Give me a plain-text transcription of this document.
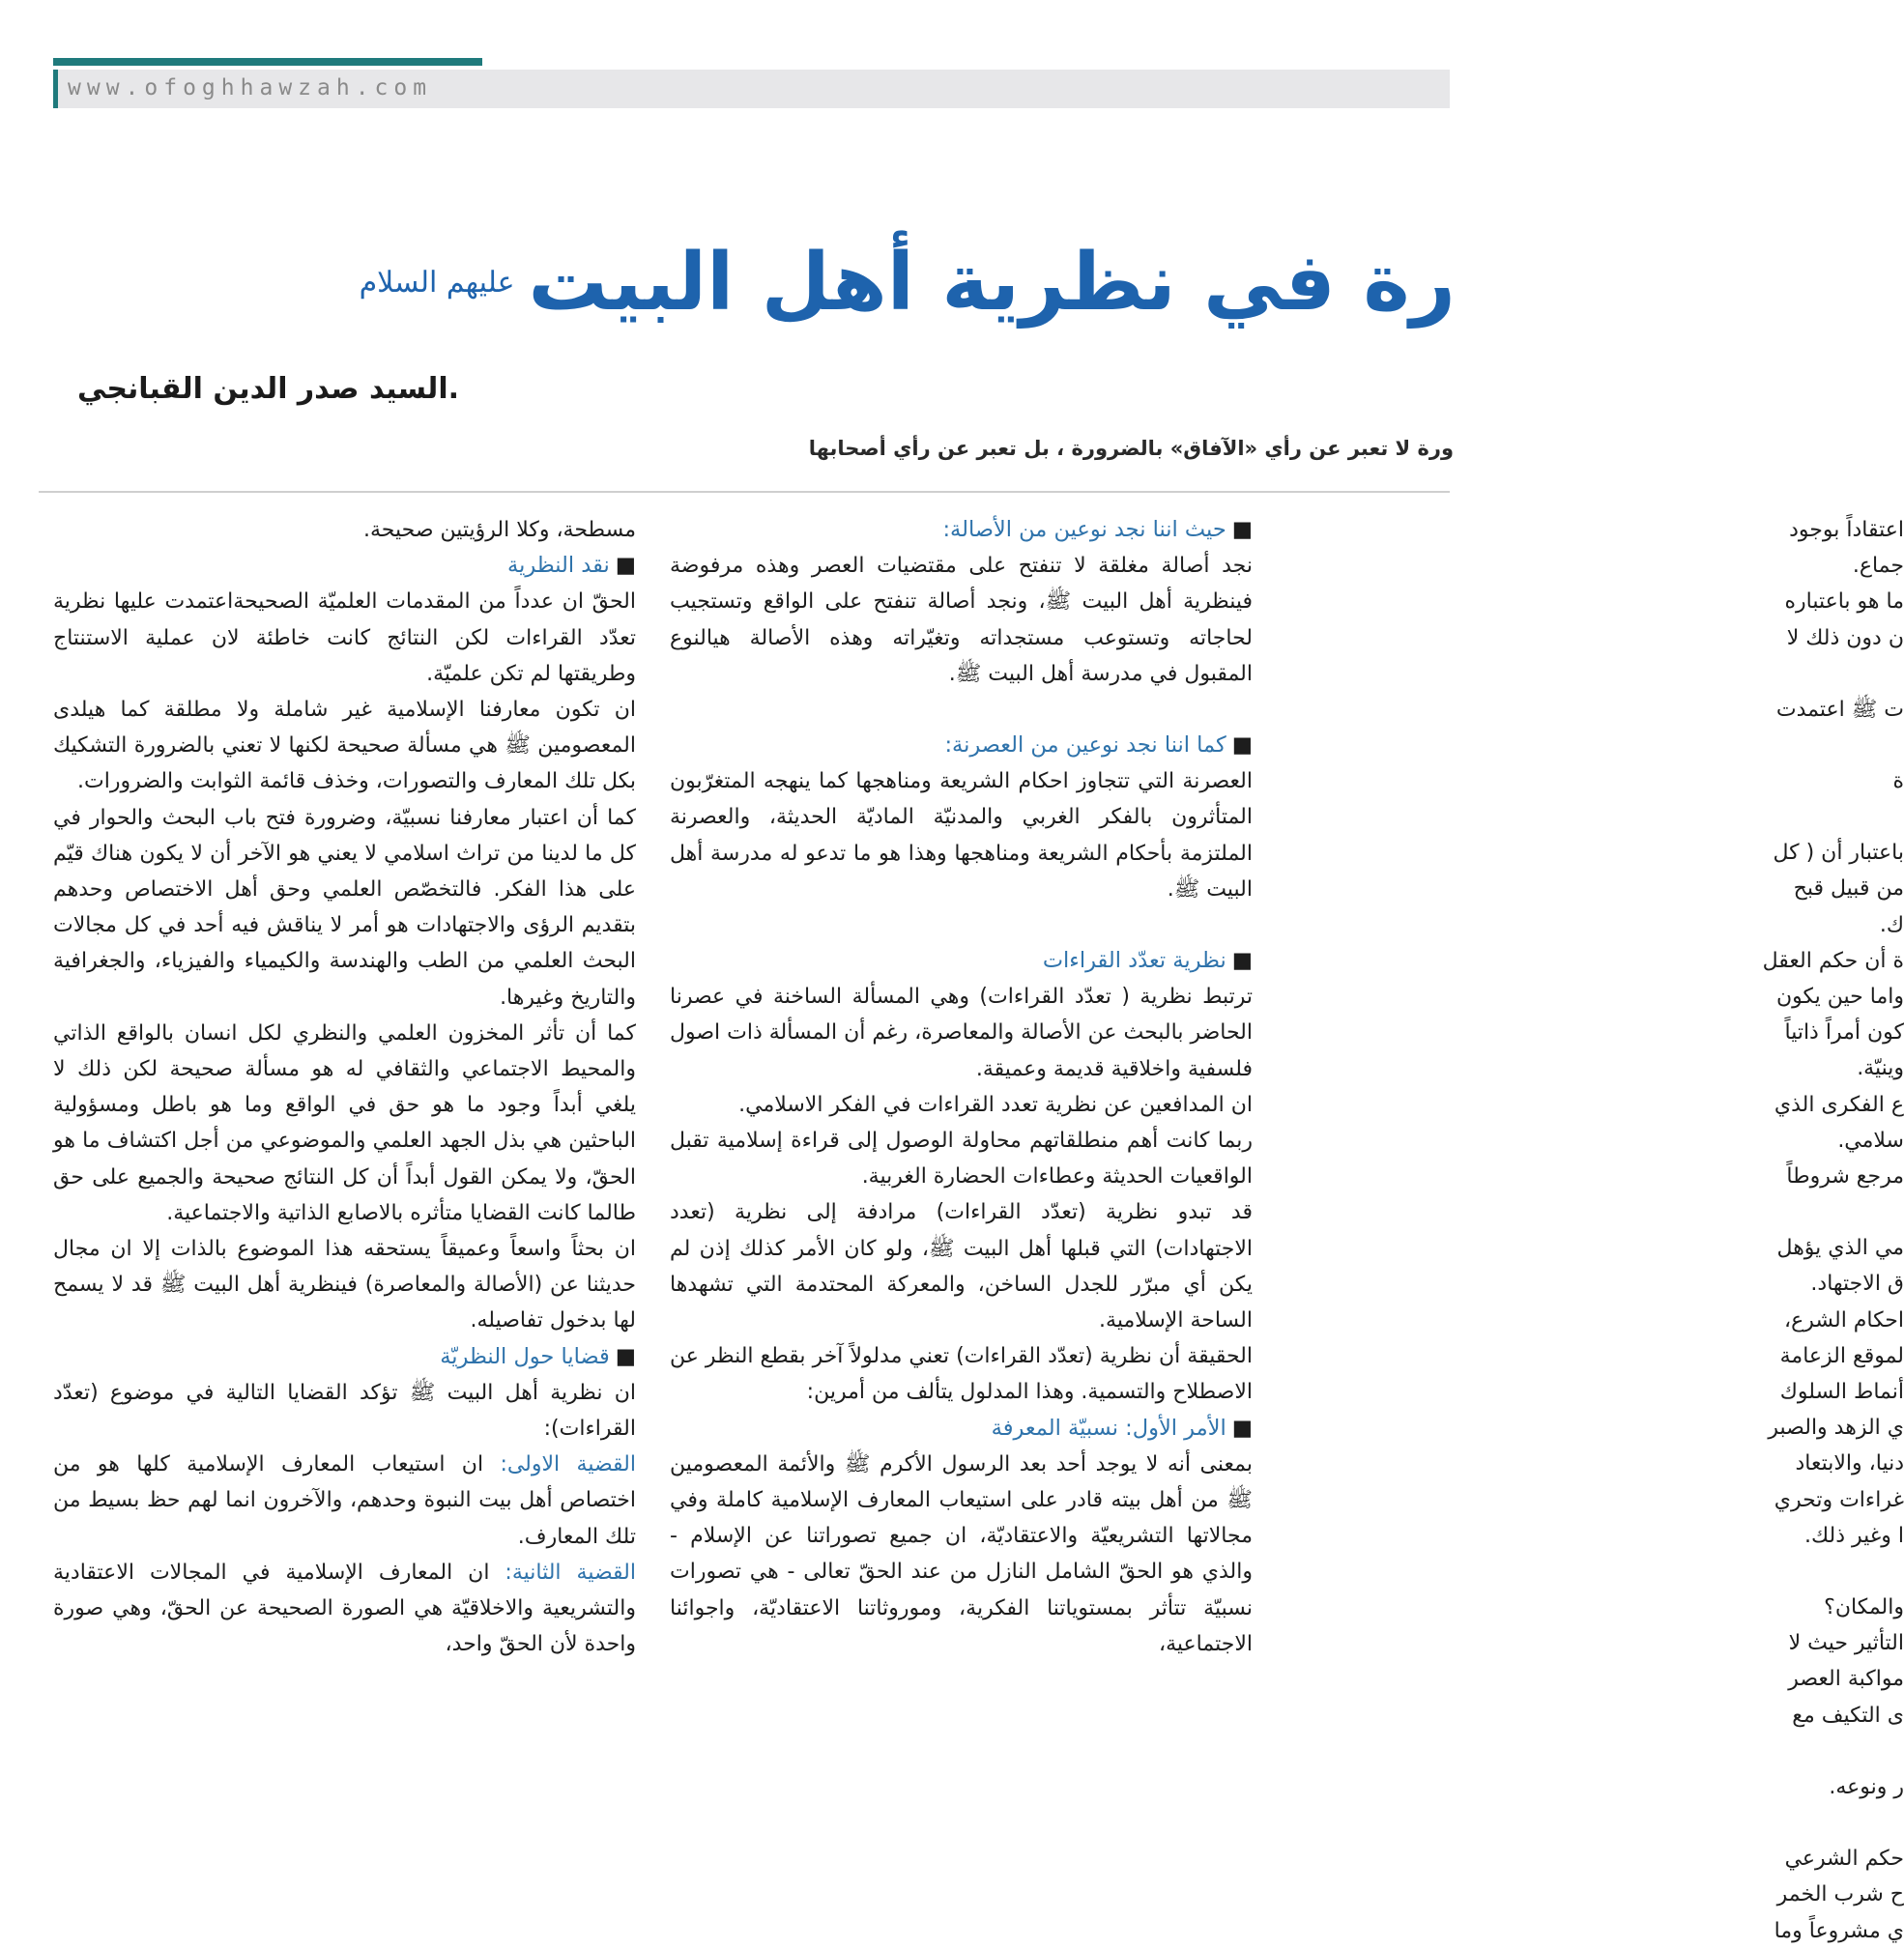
www.ofoghhawzah.com
رة في نظرية أهل البيت
عليهم السلام
.السيد صدر الدين القبانجي
ورة لا تعبر عن رأي «الآفاق» بالضرورة ، بل تعبر عن رأي أصحابها

مسطحة، وكلا الرؤيتين صحيحة.

■نقد النظرية

الحقّ ان عدداً من المقدمات العلميّة الصحيحةاعتمدت عليها نظرية تعدّد القراءات لكن النتائج كانت خاطئة لان عملية الاستنتاج وطريقتها لم تكن علميّة.

ان تكون معارفنا الإسلامية غير شاملة ولا مطلقة كما هيلدى المعصومين ﷺ هي مسألة صحيحة لكنها لا تعني بالضرورة التشكيك بكل تلك المعارف والتصورات، وخذف قائمة الثوابت والضرورات.

كما أن اعتبار معارفنا نسبيّة، وضرورة فتح باب البحث والحوار في كل ما لدينا من تراث اسلامي لا يعني هو الآخر أن لا يكون هناك قيّم على هذا الفكر. فالتخصّص العلمي وحق أهل الاختصاص وحدهم بتقديم الرؤى والاجتهادات هو أمر لا يناقش فيه أحد في كل مجالات البحث العلمي من الطب والهندسة والكيمياء والفيزياء، والجغرافية والتاريخ وغيرها.

كما أن تأثر المخزون العلمي والنظري لكل انسان بالواقع الذاتي والمحيط الاجتماعي والثقافي له هو مسألة صحيحة لكن ذلك لا يلغي أبداً وجود ما هو حق في الواقع وما هو باطل ومسؤولية الباحثين هي بذل الجهد العلمي والموضوعي من أجل اكتشاف ما هو الحقّ، ولا يمكن القول أبداً أن كل النتائج صحيحة والجميع على حق طالما كانت القضايا متأثره بالاصابع الذاتية والاجتماعية.

ان بحثاً واسعاً وعميقاً يستحقه هذا الموضوع بالذات إلا ان مجال حديثنا عن (الأصالة والمعاصرة) فينظرية أهل البيت ﷺ قد لا يسمح لها بدخول تفاصيله.

■قضايا حول النظريّة

ان نظرية أهل البيت ﷺ تؤكد القضايا التالية في موضوع (تعدّد القراءات):

القضية الاولى: ان استيعاب المعارف الإسلامية كلها هو من اختصاص أهل بيت النبوة وحدهم، والآخرون انما لهم حظ بسيط من تلك المعارف.

القضية الثانية: ان المعارف الإسلامية في المجالات الاعتقادية والتشريعية والاخلاقيّة هي الصورة الصحيحة عن الحقّ، وهي صورة واحدة لأن الحقّ واحد،

■حيث اننا نجد نوعين من الأصالة:

نجد أصالة مغلقة لا تنفتح على مقتضيات العصر وهذه مرفوضة فينظرية أهل البيت ﷺ، ونجد أصالة تنفتح على الواقع وتستجيب لحاجاته وتستوعب مستجداته وتغيّراته وهذه الأصالة هيالنوع المقبول في مدرسة أهل البيت ﷺ.

■كما اننا نجد نوعين من العصرنة:

العصرنة التي تتجاوز احكام الشريعة ومناهجها كما ينهجه المتغرّبون المتأثرون بالفكر الغربي والمدنيّة الماديّة الحديثة، والعصرنة الملتزمة بأحكام الشريعة ومناهجها وهذا هو ما تدعو له مدرسة أهل البيت ﷺ.

■نظرية تعدّد القراءات

ترتبط نظرية ( تعدّد القراءات) وهي المسألة الساخنة في عصرنا الحاضر بالبحث عن الأصالة والمعاصرة، رغم أن المسألة ذات اصول فلسفية واخلاقية قديمة وعميقة.

ان المدافعين عن نظرية تعدد القراءات في الفكر الاسلامي.

ربما كانت أهم منطلقاتهم محاولة الوصول إلى قراءة إسلامية تقبل الواقعيات الحديثة وعطاءات الحضارة الغربية.

قد تبدو نظرية (تعدّد القراءات) مرادفة إلى نظرية (تعدد الاجتهادات) التي قبلها أهل البيت ﷺ، ولو كان الأمر كذلك إذن لم يكن أي مبرّر للجدل الساخن، والمعركة المحتدمة التي تشهدها الساحة الإسلامية.

الحقيقة أن نظرية (تعدّد القراءات) تعني مدلولاً آخر بقطع النظر عن الاصطلاح والتسمية. وهذا المدلول يتألف من أمرين:

■الأمر الأول: نسبيّة المعرفة

بمعنى أنه لا يوجد أحد بعد الرسول الأكرم ﷺ والأئمة المعصومين ﷺ من أهل بيته قادر على استيعاب المعارف الإسلامية كاملة وفي مجالاتها التشريعيّة والاعتقاديّة، ان جميع تصوراتنا عن الإسلام - والذي هو الحقّ الشامل النازل من عند الحقّ تعالى - هي تصورات نسبيّة تتأثر بمستوياتنا الفكرية، وموروثاتنا الاعتقاديّة، واجوائنا الاجتماعية،

اعتقاداً بوجود

جماع.

ما هو باعتباره

ن دون ذلك لا

ت ﷺ اعتمدت

ة

باعتبار أن ( كل

من قبيل قبح

ك.

ة أن حكم العقل

واما حين يكون

كون أمراً ذاتياً

وينيّة.

ع الفكرى الذي

سلامي.

مرجع شروطاً

مي الذي يؤهل

ق الاجتهاد.

احكام الشرع،

لموقع الزعامة

أنماط السلوك

ي الزهد والصبر

دنيا، والابتعاد

غراءات وتحري

ا وغير ذلك.

والمكان؟

التأثير حيث لا

مواكبة العصر

ى التكيف مع

ر ونوعه.

حكم الشرعي

ح شرب الخمر

ي مشروعاً وما
